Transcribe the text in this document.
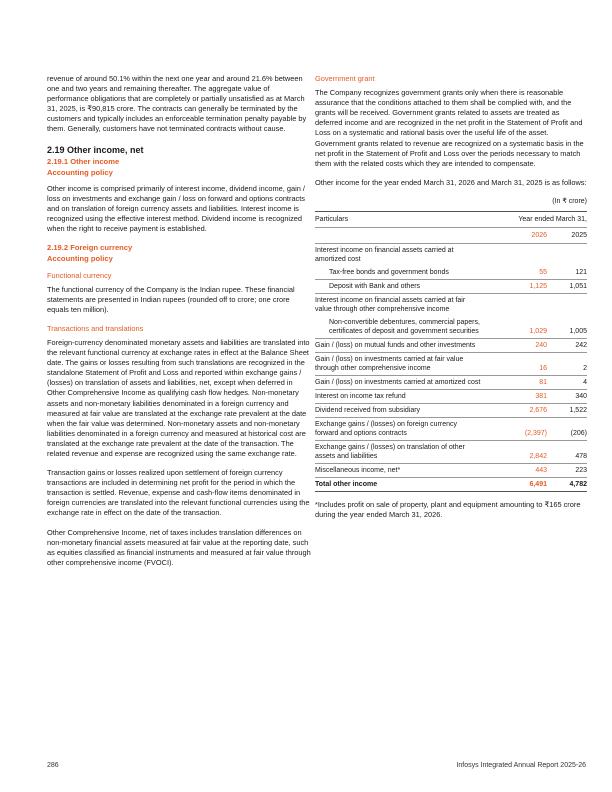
revenue of around 50.1% within the next one year and around 21.6% between one and two years and remaining thereafter. The aggregate value of performance obligations that are completely or partially unsatisfied as at March 31, 2025, is ₹90,815 crore. The contracts can generally be terminated by the customers and typically includes an enforceable termination penalty payable by them. Generally, customers have not terminated contracts without cause.

2.19 Other income, net
2.19.1 Other income
Accounting policy

Other income is comprised primarily of interest income, dividend income, gain / loss on investments and exchange gain / loss on forward and options contracts and on translation of foreign currency assets and liabilities. Interest income is recognized using the effective interest method. Dividend income is recognized when the right to receive payment is established.

2.19.2 Foreign currency
Accounting policy
Functional currency

The functional currency of the Company is the Indian rupee. These financial statements are presented in Indian rupees (rounded off to crore; one crore equals ten million).

Transactions and translations

Foreign-currency denominated monetary assets and liabilities are translated into the relevant functional currency at exchange rates in effect at the Balance Sheet date. The gains or losses resulting from such translations are recognized in the standalone Statement of Profit and Loss and reported within exchange gains / (losses) on translation of assets and liabilities, net, except when deferred in Other Comprehensive Income as qualifying cash flow hedges. Non-monetary assets and non-monetary liabilities denominated in a foreign currency and measured at fair value are translated at the exchange rate prevalent at the date when the fair value was determined. Non-monetary assets and non-monetary liabilities denominated in a foreign currency and measured at historical cost are translated at the exchange rate prevalent at the date of the transaction. The related revenue and expense are recognized using the same exchange rate.

Transaction gains or losses realized upon settlement of foreign currency transactions are included in determining net profit for the period in which the transaction is settled. Revenue, expense and cash-flow items denominated in foreign currencies are translated into the relevant functional currencies using the exchange rate in effect on the date of the transaction.

Other Comprehensive Income, net of taxes includes translation differences on non-monetary financial assets measured at fair value at the reporting date, such as equities classified as financial instruments and measured at fair value through other comprehensive income (FVOCI).

Government grant

The Company recognizes government grants only when there is reasonable assurance that the conditions attached to them shall be complied with, and the grants will be received. Government grants related to assets are treated as deferred income and are recognized in the net profit in the Statement of Profit and Loss on a systematic and rational basis over the useful life of the asset. Government grants related to revenue are recognized on a systematic basis in the net profit in the Statement of Profit and Loss over the periods necessary to match them with the related costs which they are intended to compensate.

Other income for the year ended March 31, 2026 and March 31, 2025 is as follows:

(In ₹ crore)
Particulars	Year ended March 31,	
	2026	2025
Interest income on financial assets carried at amortized cost		
Tax-free bonds and government bonds	55	121
Deposit with Bank and others	1,125	1,051
Interest income on financial assets carried at fair value through other comprehensive income		
Non-convertible debentures, commercial papers, certificates of deposit and government securities	1,029	1,005
Gain / (loss) on mutual funds and other investments	240	242
Gain / (loss) on investments carried at fair value through other comprehensive income	16	2
Gain / (loss) on investments carried at amortized cost	81	4
Interest on income tax refund	381	340
Dividend received from subsidiary	2,676	1,522
Exchange gains / (losses) on foreign currency forward and options contracts	(2,397)	(206)
Exchange gains / (losses) on translation of other assets and liabilities	2,842	478
Miscellaneous income, net*	443	223
Total other income	6,491	4,782
*Includes profit on sale of property, plant and equipment amounting to ₹165 crore during the year ended March 31, 2026.
286	Infosys Integrated Annual Report 2025-26
